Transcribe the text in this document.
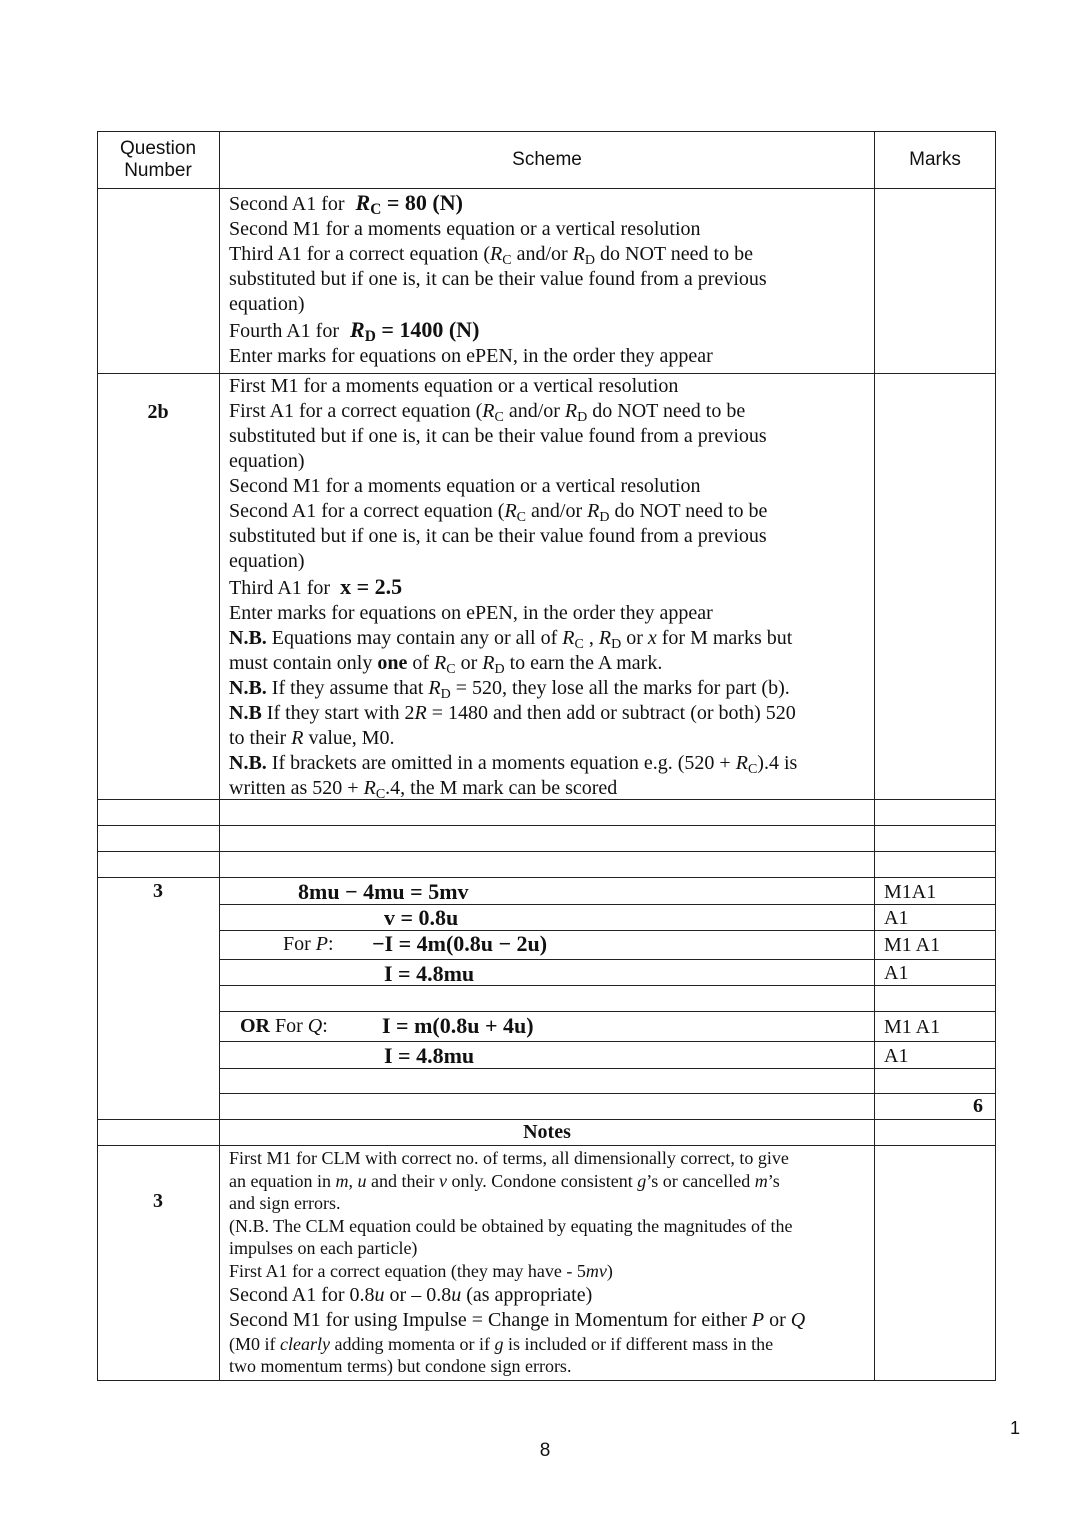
Question Number
Scheme	Marks
Second A1 for $R_C = 80$ (N)
Second M1 for a moments equation or a vertical resolution
Third A1 for a correct equation ($R_C$ and/or $R_D$ do NOT need to be
substituted but if one is, it can be their value found from a previous
equation)
Fourth A1 for $R_D = 1400$ (N)
Enter marks for equations on ePEN, in the order they appear
2b
First M1 for a moments equation or a vertical resolution
First A1 for a correct equation ($R_C$ and/or $R_D$ do NOT need to be
substituted but if one is, it can be their value found from a previous
equation)
Second M1 for a moments equation or a vertical resolution
Second A1 for a correct equation ($R_C$ and/or $R_D$ do NOT need to be
substituted but if one is, it can be their value found from a previous
equation)
Third A1 for x = 2.5
Enter marks for equations on ePEN, in the order they appear
N.B. Equations may contain any or all of $R_C$ , $R_D$ or x for M marks but
must contain only one of $R_C$ or $R_D$ to earn the A mark.
N.B. If they assume that $R_D = 520$, they lose all the marks for part (b).
N.B If they start with 2R = 1480 and then add or subtract (or both) 520
to their R value, M0.
N.B. If brackets are omitted in a moments equation e.g. $(520 + R_C).4$ is
written as $520 + R_C.4$, the M mark can be scored
3	8mu − 4mu = 5mv
v = 0.8u
For P: −I = 4m(0.8u − 2u)
I = 4.8mu
OR For Q: I = m(0.8u + 4u)
I = 4.8mu
M1A1
A1
M1 A1
A1
M1 A1
A1
6
Notes
3
First M1 for CLM with correct no. of terms, all dimensionally correct, to give
an equation in m, u and their v only. Condone consistent g’s or cancelled m’s
and sign errors.
(N.B. The CLM equation could be obtained by equating the magnitudes of the
impulses on each particle)
First A1 for a correct equation (they may have - 5mv)
Second A1 for 0.8u or – 0.8u (as appropriate)
Second M1 for using Impulse = Change in Momentum for either P or Q
(M0 if clearly adding momenta or if g is included or if different mass in the
two momentum terms) but condone sign errors.
8
1
